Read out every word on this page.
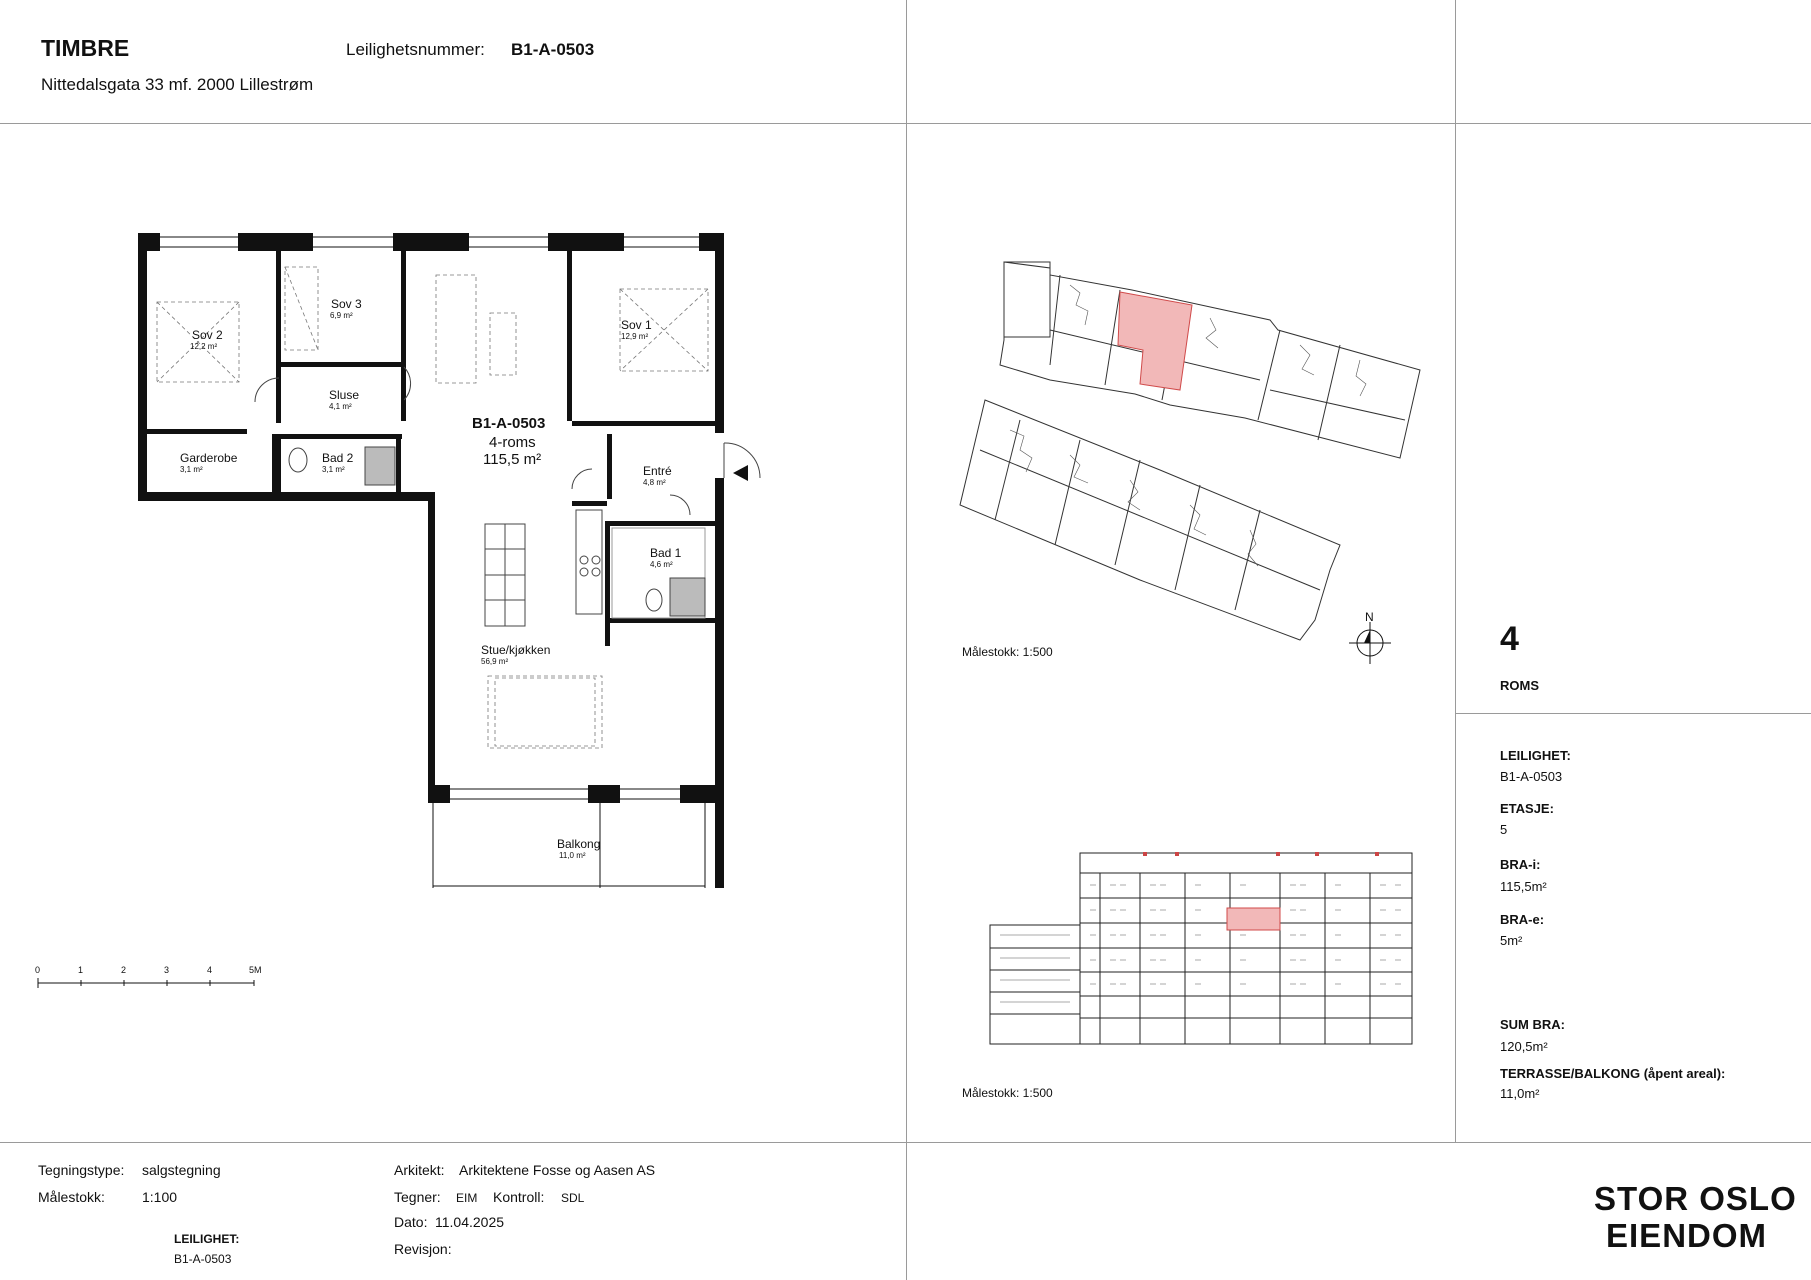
TIMBRE
Nittedalsgata 33 mf. 2000 Lillestrøm
Leilighetsnummer: B1-A-0503
Sov 2
12,2 m²
Sov 3
6,9 m²
Sluse
4,1 m²
Sov 1
12,9 m²
Garderobe
3,1 m²
Bad 2
3,1 m²	Entré
4,8 m²
Bad 1
4,6 m²
Stue/kjøkken
56,9 m²
Balkong
11,0 m²
B1-A-0503
4-roms
115,5 m²
0	1	2	3	4	5M
N
Målestokk: 1:500
Målestokk: 1:500
4
ROMS
LEILIGHET:
B1-A-0503
ETASJE:
5
BRA-i:
115,5m²
BRA-e:
5m²
SUM BRA:
120,5m²
TERRASSE/BALKONG (åpent areal):
11,0m²
Tegningstype: salgstegning
Målestokk:	1:100
LEILIGHET:
B1-A-0503
Arkitekt: Arkitektene Fosse og Aasen AS
Tegner: EIM Kontroll: SDL
Dato: 11.04.2025
Revisjon:
STOR OSLO
EIENDOM
